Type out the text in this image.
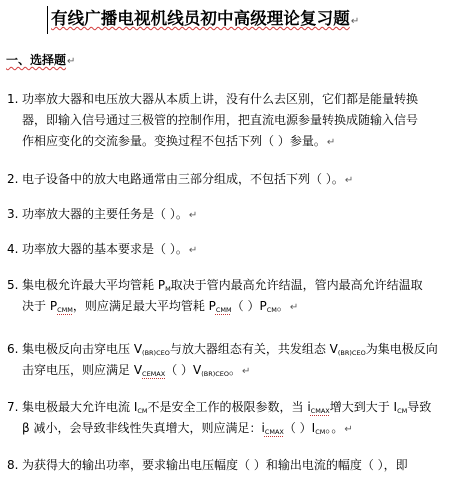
有线广播电视机线员初中高级理论复习题↵
一、选择题↵
1. 功率放大器和电压放大器从本质上讲，没有什么去区别，它们都是能量转换
器，即输入信号通过三极管的控制作用，把直流电源参量转换成随输入信号
作相应变化的交流参量。变换过程不包括下列（ ）参量。↵
2. 电子设备中的放大电路通常由三部分组成，不包括下列（ ）。↵
3. 功率放大器的主要任务是（ ）。↵
4. 功率放大器的基本要求是（ ）。↵
5. 集电极允许最大平均管耗 PM取决于管内最高允许结温，管内最高允许结温取
决于 PCMM，则应满足最大平均管耗 PCMM（ ）PCM。↵
6. 集电极反向击穿电压 V(BR)CEO与放大器组态有关，共发组态 V(BR)CEO为集电极反向
击穿电压，则应满足 VCEMAX（ ）V(BR)CEO。↵
7. 集电极最大允许电流 ICM不是安全工作的极限参数，当 iCMAX增大到大于 ICM导致
β 减小，会导致非线性失真增大，则应满足：iCMAX（ ）ICM。。↵
8. 为获得大的输出功率，要求输出电压幅度（ ）和输出电流的幅度（ ），即
